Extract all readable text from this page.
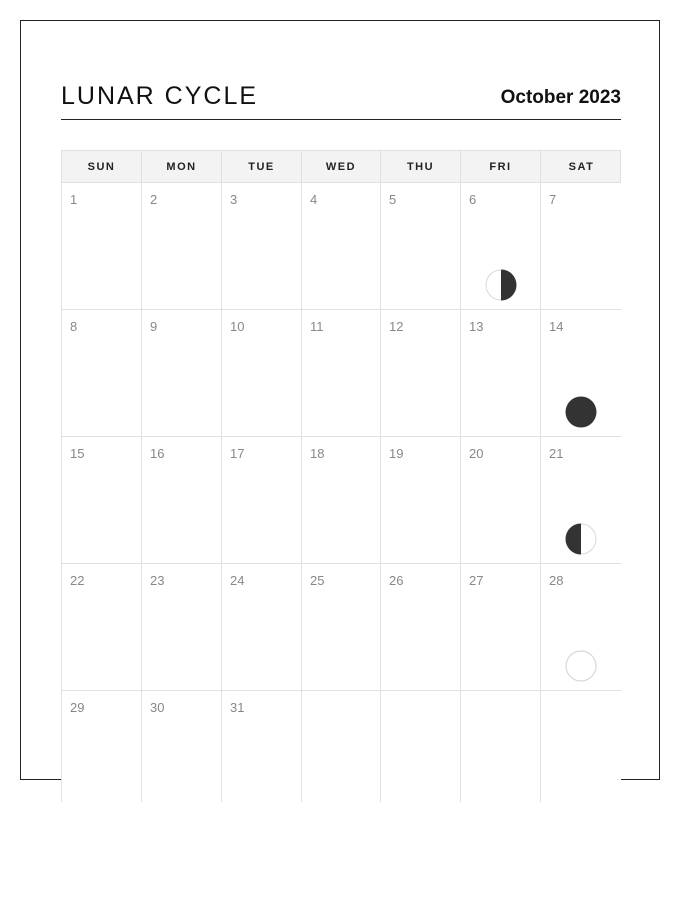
LUNAR CYCLE	October 2023
SUN	MON	TUE	WED	THU	FRI	SAT
1	2	3	4	5	6	7
8	9	10	11	12	13	14
15	16	17	18	19	20	21
22	23	24	25	26	27	28
29	30	31
